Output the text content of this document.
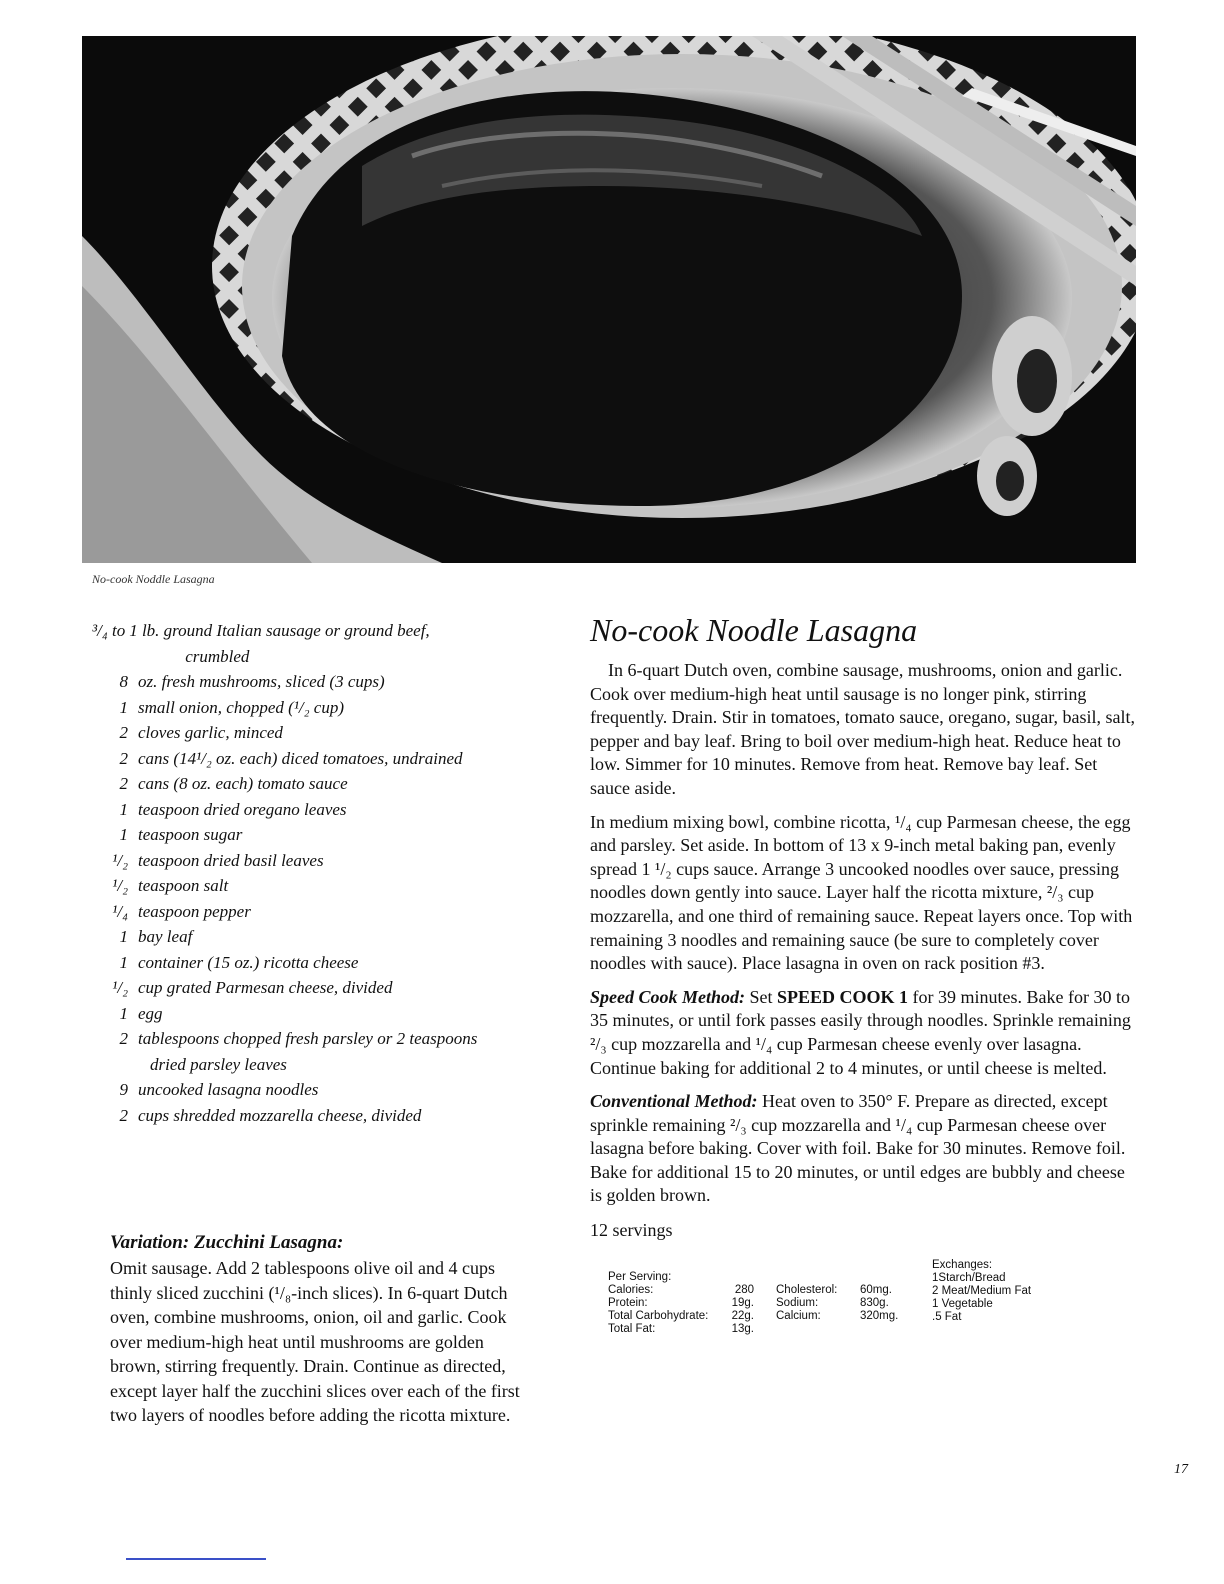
No-cook Noddle Lasagna
³/₄ to 1 lb. ground Italian sausage or ground beef,
crumbled
8 oz. fresh mushrooms, sliced (3 cups)
1 small onion, chopped (¹/₂ cup)
2 cloves garlic, minced
2 cans (14¹/₂ oz. each) diced tomatoes, undrained
2 cans (8 oz. each) tomato sauce
1 teaspoon dried oregano leaves
1 teaspoon sugar
¹/₂ teaspoon dried basil leaves
¹/₂ teaspoon salt
¹/₄ teaspoon pepper
1 bay leaf
1 container (15 oz.) ricotta cheese
¹/₂ cup grated Parmesan cheese, divided
1 egg
2 tablespoons chopped fresh parsley or 2 teaspoons
dried parsley leaves
9 uncooked lasagna noodles
2 cups shredded mozzarella cheese, divided
No-cook Noodle Lasagna

In 6-quart Dutch oven, combine sausage, mushrooms, onion and garlic. Cook over medium-high heat until sausage is no longer pink, stirring frequently. Drain. Stir in tomatoes, tomato sauce, oregano, sugar, basil, salt, pepper and bay leaf. Bring to boil over medium-high heat. Reduce heat to low. Simmer for 10 minutes. Remove from heat. Remove bay leaf. Set sauce aside.

In medium mixing bowl, combine ricotta, ¹/₄ cup Parmesan cheese, the egg and parsley. Set aside. In bottom of 13 x 9-inch metal baking pan, evenly spread 1 ¹/₂ cups sauce. Arrange 3 uncooked noodles over sauce, pressing noodles down gently into sauce. Layer half the ricotta mixture, ²/₃ cup mozzarella, and one third of remaining sauce. Repeat layers once. Top with remaining 3 noodles and remaining sauce (be sure to completely cover noodles with sauce). Place lasagna in oven on rack position #3.

Speed Cook Method: Set SPEED COOK 1 for 39 minutes. Bake for 30 to 35 minutes, or until fork passes easily through noodles. Sprinkle remaining ²/₃ cup mozzarella and ¹/₄ cup Parmesan cheese evenly over lasagna. Continue baking for additional 2 to 4 minutes, or until cheese is melted.

Conventional Method: Heat oven to 350° F. Prepare as directed, except sprinkle remaining ²/₃ cup mozzarella and ¹/₄ cup Parmesan cheese over lasagna before baking. Cover with foil. Bake for 30 minutes. Remove foil. Bake for additional 15 to 20 minutes, or until edges are bubbly and cheese is golden brown.

12 servings
Per Serving:
Calories:	280
Protein:	19g.
Total Carbohydrate:	22g.
Total Fat:	13g.
Cholesterol:	60mg.
Sodium:	830g.
Calcium:	320mg.
Exchanges:
1Starch/Bread
2 Meat/Medium Fat
1 Vegetable
.5 Fat
Variation: Zucchini Lasagna:

Omit sausage. Add 2 tablespoons olive oil and 4 cups thinly sliced zucchini (¹/₈-inch slices). In 6-quart Dutch oven, combine mushrooms, onion, oil and garlic. Cook over medium-high heat until mushrooms are golden brown, stirring frequently. Drain. Continue as directed, except layer half the zucchini slices over each of the first two layers of noodles before adding the ricotta mixture.

17
